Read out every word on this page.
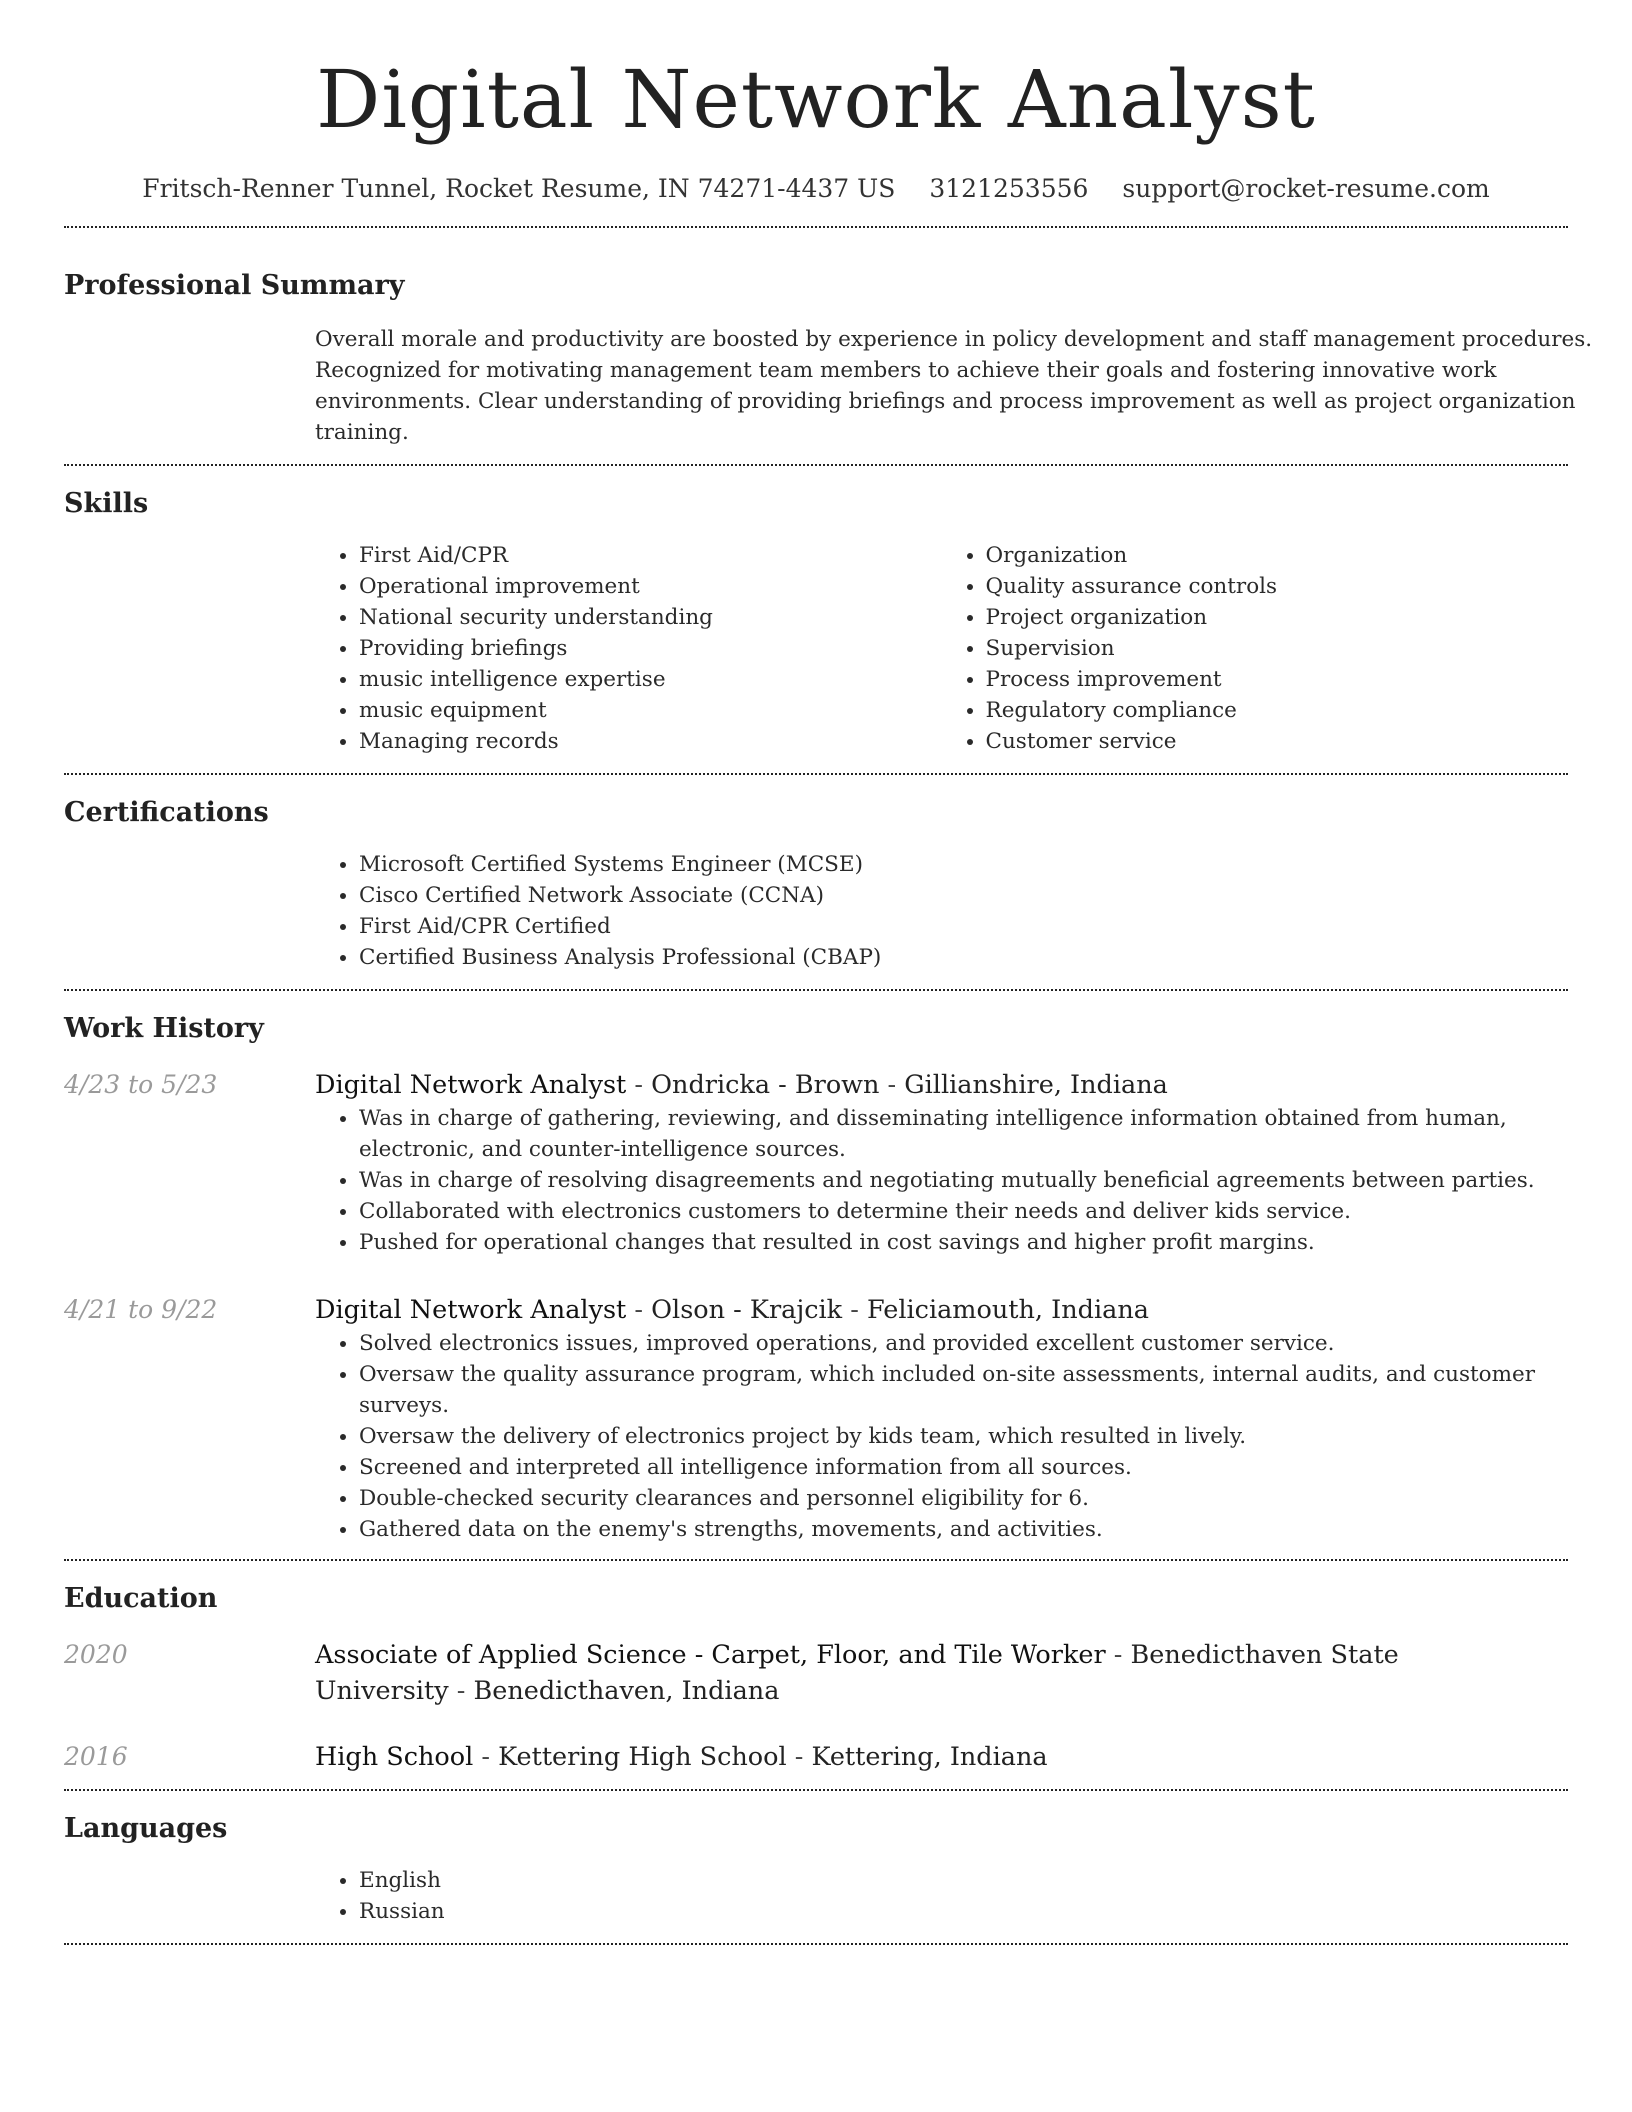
Digital Network Analyst
Fritsch-Renner Tunnel, Rocket Resume, IN 74271-4437 US 3121253556 support@rocket-resume.com
Professional Summary
Overall morale and productivity are boosted by experience in policy development and staff management procedures. Recognized for motivating management team members to achieve their goals and fostering innovative work environments. Clear understanding of providing briefings and process improvement as well as project organization training.
Skills
• First Aid/CPR
• Operational improvement
• National security understanding
• Providing briefings
• music intelligence expertise
• music equipment
• Managing records
• Organization
• Quality assurance controls
• Project organization
• Supervision
• Process improvement
• Regulatory compliance
• Customer service
Certifications
• Microsoft Certified Systems Engineer (MCSE)
• Cisco Certified Network Associate (CCNA)
• First Aid/CPR Certified
• Certified Business Analysis Professional (CBAP)
Work History
4/23 to 5/23	Digital Network Analyst - Ondricka - Brown - Gillianshire, Indiana
• Was in charge of gathering, reviewing, and disseminating intelligence information obtained from human, electronic, and counter-intelligence sources.
• Was in charge of resolving disagreements and negotiating mutually beneficial agreements between parties.
• Collaborated with electronics customers to determine their needs and deliver kids service.
• Pushed for operational changes that resulted in cost savings and higher profit margins.
4/21 to 9/22	Digital Network Analyst - Olson - Krajcik - Feliciamouth, Indiana
• Solved electronics issues, improved operations, and provided excellent customer service.
• Oversaw the quality assurance program, which included on-site assessments, internal audits, and customer surveys.
• Oversaw the delivery of electronics project by kids team, which resulted in lively.
• Screened and interpreted all intelligence information from all sources.
• Double-checked security clearances and personnel eligibility for 6.
• Gathered data on the enemy's strengths, movements, and activities.
Education
2020	Associate of Applied Science - Carpet, Floor, and Tile Worker - Benedicthaven State University - Benedicthaven, Indiana
2016	High School - Kettering High School - Kettering, Indiana
Languages
• English
• Russian
